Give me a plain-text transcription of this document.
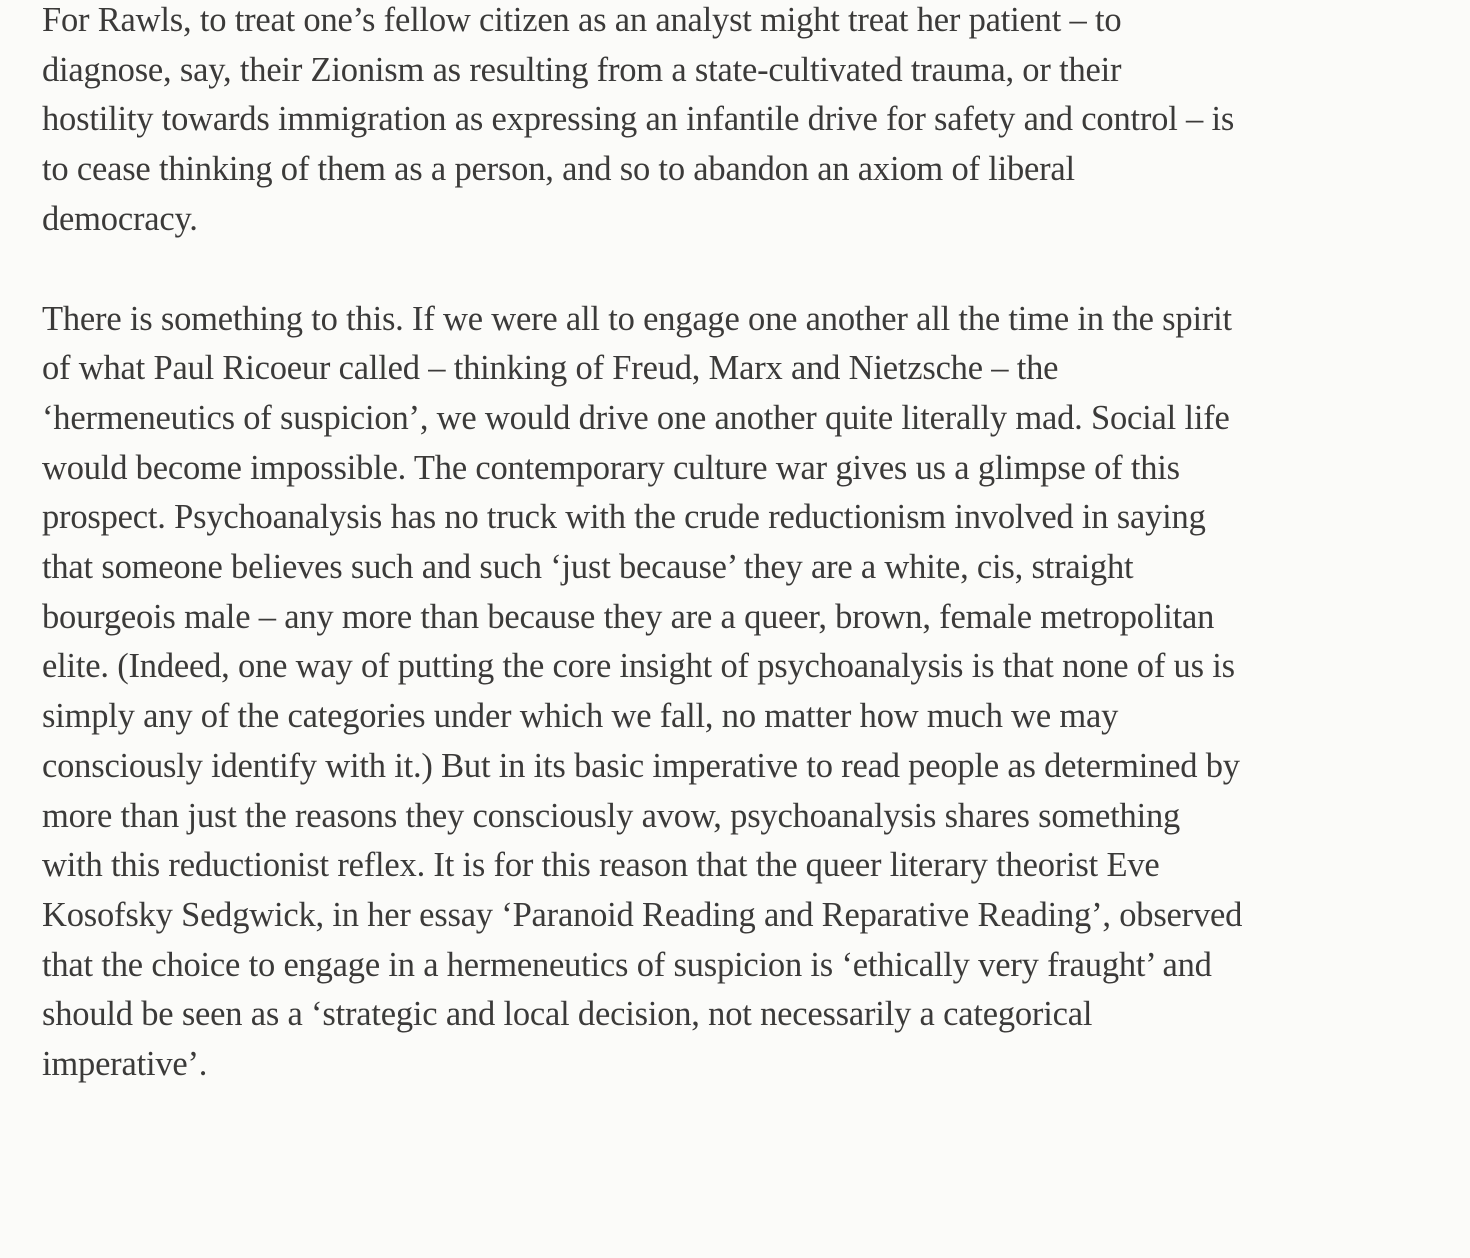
For Rawls, to treat one’s fellow citizen as an analyst might treat her patient – to
diagnose, say, their Zionism as resulting from a state-cultivated trauma, or their
hostility towards immigration as expressing an infantile drive for safety and control – is
to cease thinking of them as a person, and so to abandon an axiom of liberal
democracy.

There is something to this. If we were all to engage one another all the time in the spirit
of what Paul Ricoeur called – thinking of Freud, Marx and Nietzsche – the
‘hermeneutics of suspicion’, we would drive one another quite literally mad. Social life
would become impossible. The contemporary culture war gives us a glimpse of this
prospect. Psychoanalysis has no truck with the crude reductionism involved in saying
that someone believes such and such ‘just because’ they are a white, cis, straight
bourgeois male – any more than because they are a queer, brown, female metropolitan
elite. (Indeed, one way of putting the core insight of psychoanalysis is that none of us is
simply any of the categories under which we fall, no matter how much we may
consciously identify with it.) But in its basic imperative to read people as determined by
more than just the reasons they consciously avow, psychoanalysis shares something
with this reductionist reflex. It is for this reason that the queer literary theorist Eve
Kosofsky Sedgwick, in her essay ‘Paranoid Reading and Reparative Reading’, observed
that the choice to engage in a hermeneutics of suspicion is ‘ethically very fraught’ and
should be seen as a ‘strategic and local decision, not necessarily a categorical
imperative’.
